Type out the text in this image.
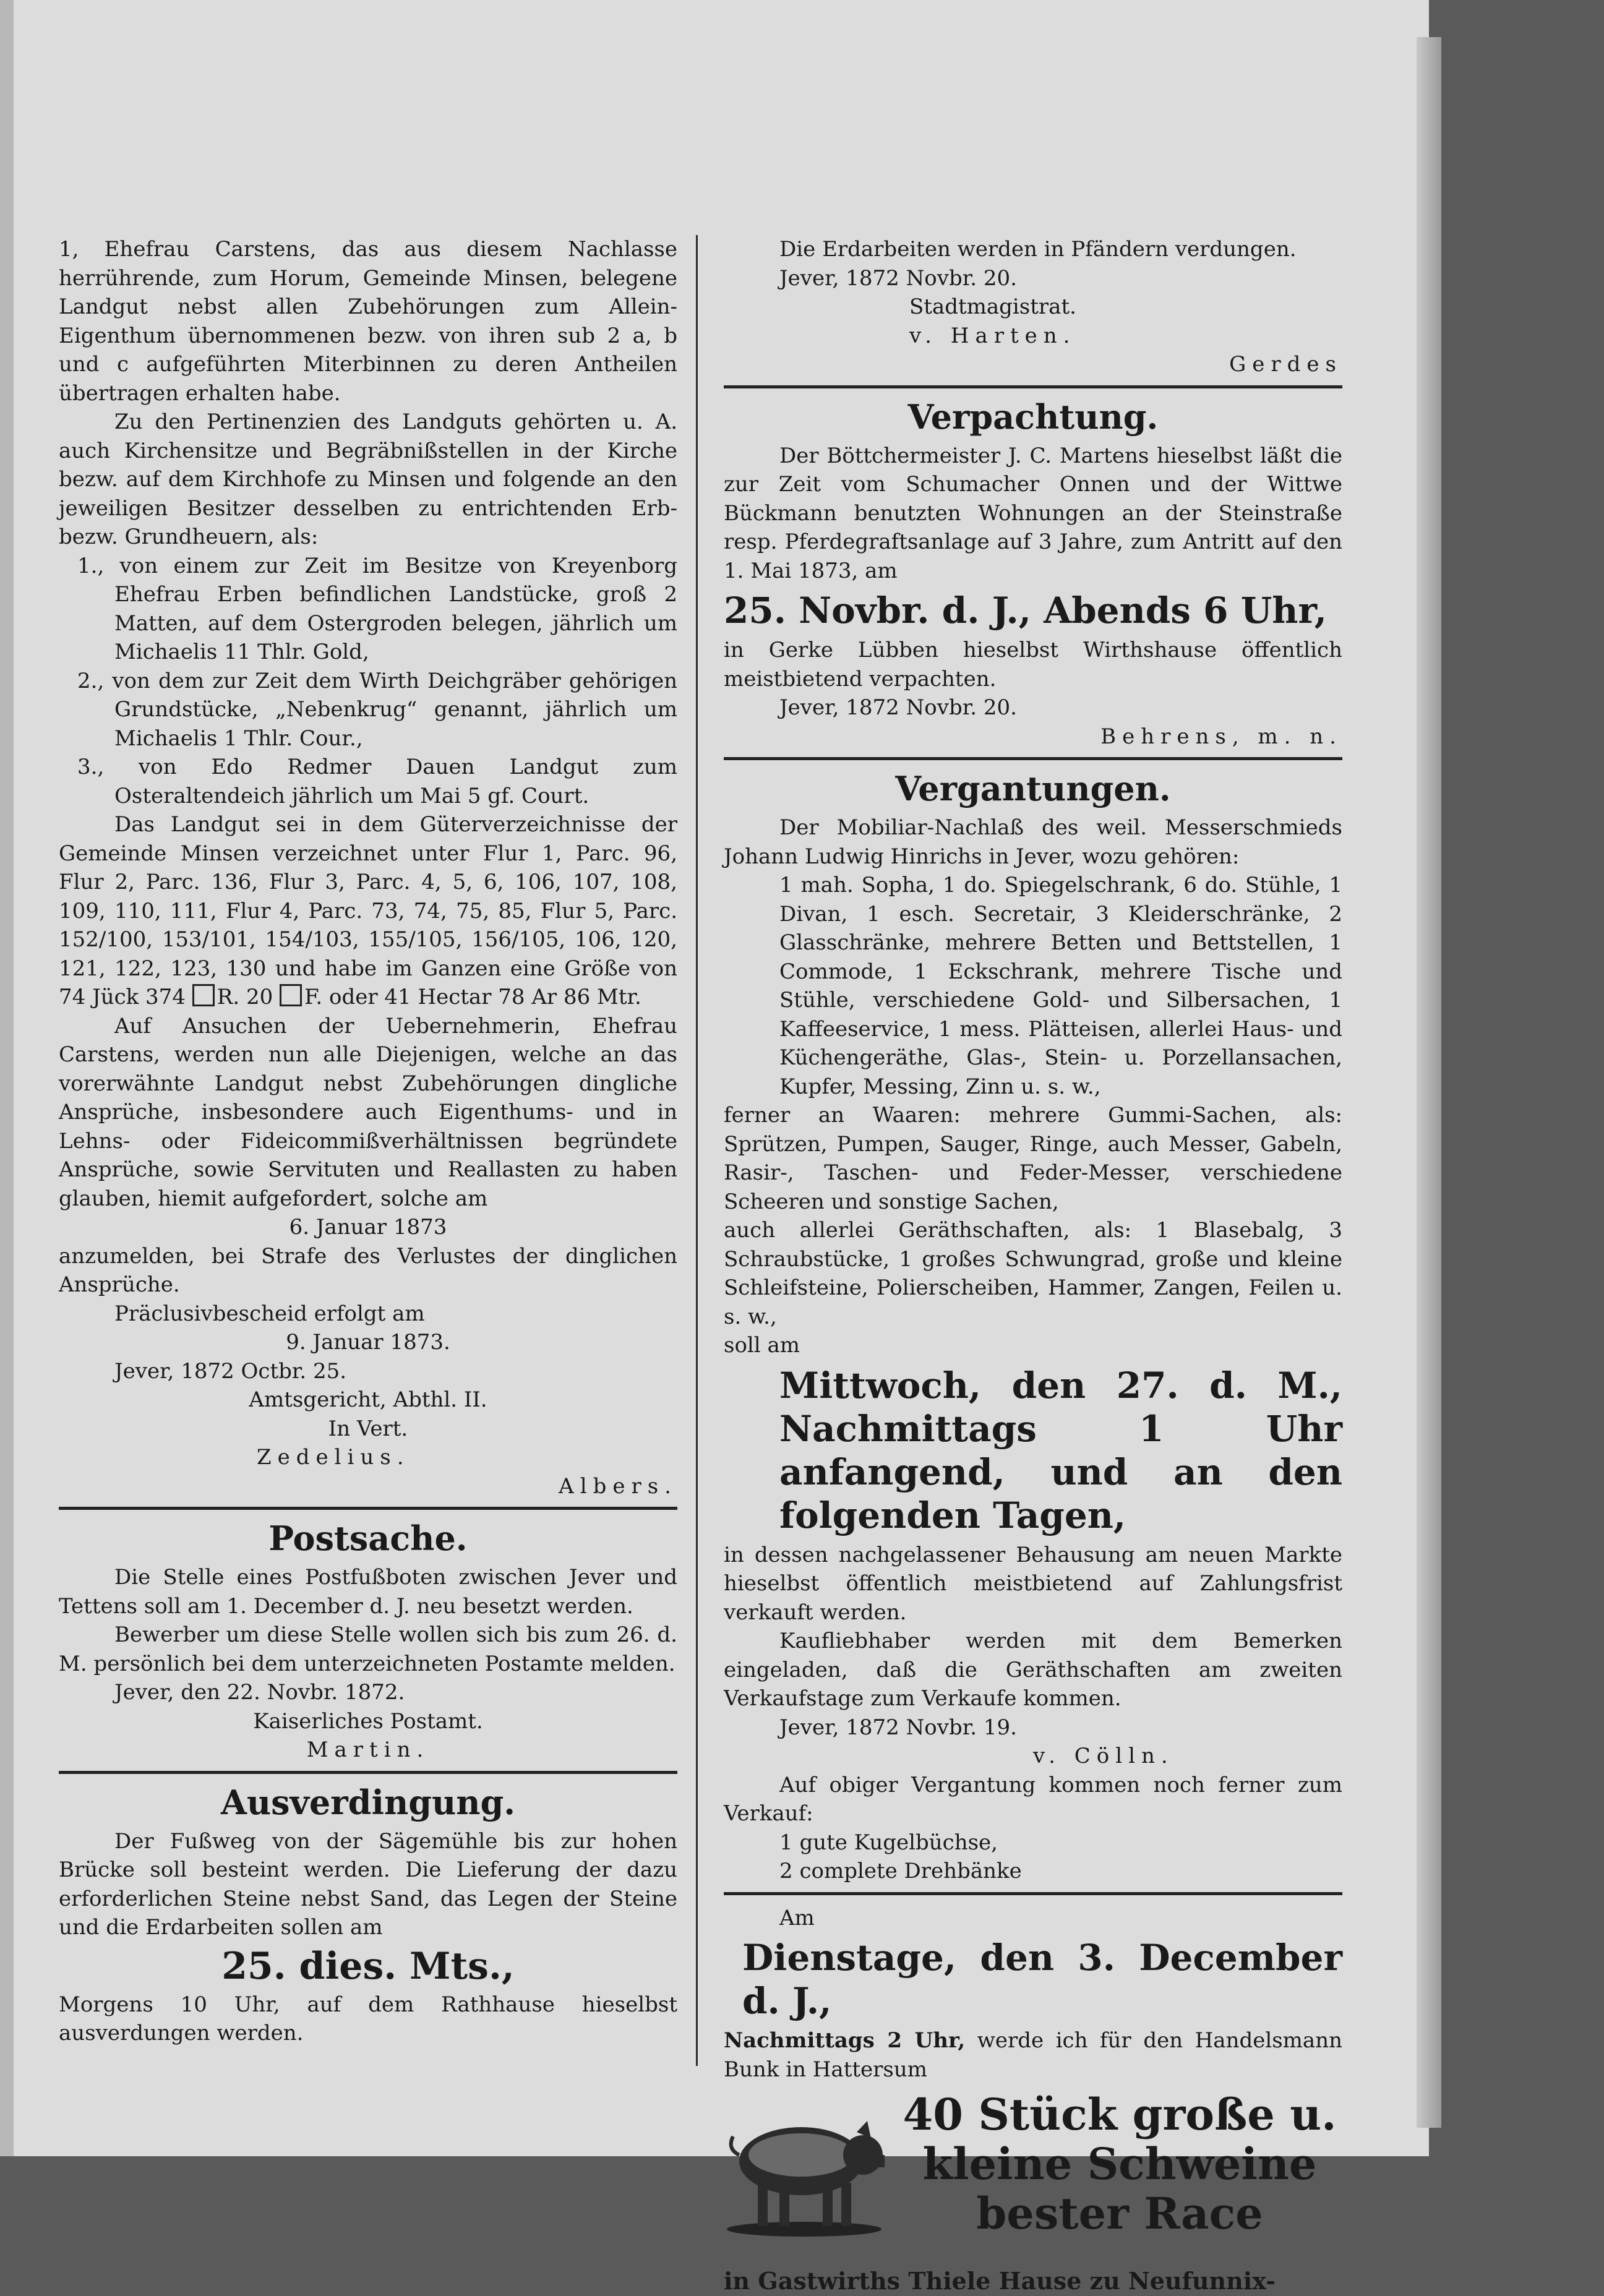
1, Ehefrau Carstens, das aus diesem Nachlasse herrührende, zum Horum, Gemeinde Minsen, belegene Landgut nebst allen Zubehörungen zum Allein-Eigenthum übernommenen bezw. von ihren sub 2 a, b und c aufgeführten Miterbinnen zu deren Antheilen übertragen erhalten habe.

Zu den Pertinenzien des Landguts gehörten u. A. auch Kirchensitze und Begräbnißstellen in der Kirche bezw. auf dem Kirchhofe zu Minsen und folgende an den jeweiligen Besitzer desselben zu entrichtenden Erb- bezw. Grundheuern, als:

1., von einem zur Zeit im Besitze von Kreyenborg Ehefrau Erben befindlichen Landstücke, groß 2 Matten, auf dem Ostergroden belegen, jährlich um Michaelis 11 Thlr. Gold,

2., von dem zur Zeit dem Wirth Deichgräber gehörigen Grundstücke, „Nebenkrug“ genannt, jährlich um Michaelis 1 Thlr. Cour.,

3., von Edo Redmer Dauen Landgut zum Osteraltendeich jährlich um Mai 5 gf. Court.

Das Landgut sei in dem Güterverzeichnisse der Gemeinde Minsen verzeichnet unter Flur 1, Parc. 96, Flur 2, Parc. 136, Flur 3, Parc. 4, 5, 6, 106, 107, 108, 109, 110, 111, Flur 4, Parc. 73, 74, 75, 85, Flur 5, Parc. 152/100, 153/101, 154/103, 155/105, 156/105, 106, 120, 121, 122, 123, 130 und habe im Ganzen eine Größe von 74 Jück 374 R. 20 F. oder 41 Hectar 78 Ar 86 Mtr.

Auf Ansuchen der Uebernehmerin, Ehefrau Carstens, werden nun alle Diejenigen, welche an das vorerwähnte Landgut nebst Zubehörungen dingliche Ansprüche, insbesondere auch Eigenthums- und in Lehns- oder Fideicommißverhältnissen begründete Ansprüche, sowie Servituten und Reallasten zu haben glauben, hiemit aufgefordert, solche am

6. Januar 1873

anzumelden, bei Strafe des Verlustes der dinglichen Ansprüche.

Präclusivbescheid erfolgt am

9. Januar 1873.

Jever, 1872 Octbr. 25.

Amtsgericht, Abthl. II.

In Vert.

Zedelius.

Albers.

Postsache.

Die Stelle eines Postfußboten zwischen Jever und Tettens soll am 1. December d. J. neu besetzt werden.

Bewerber um diese Stelle wollen sich bis zum 26. d. M. persönlich bei dem unterzeichneten Postamte melden.

Jever, den 22. Novbr. 1872.

Kaiserliches Postamt.

Martin.

Ausverdingung.

Der Fußweg von der Sägemühle bis zur hohen Brücke soll besteint werden. Die Lieferung der dazu erforderlichen Steine nebst Sand, das Legen der Steine und die Erdarbeiten sollen am

25. dies. Mts.,

Morgens 10 Uhr, auf dem Rathhause hieselbst ausverdungen werden.

Die Erdarbeiten werden in Pfändern verdungen.

Jever, 1872 Novbr. 20.

Stadtmagistrat.

v. Harten.

Gerdes

Verpachtung.

Der Böttchermeister J. C. Martens hieselbst läßt die zur Zeit vom Schumacher Onnen und der Wittwe Bückmann benutzten Wohnungen an der Steinstraße resp. Pferdegraftsanlage auf 3 Jahre, zum Antritt auf den 1. Mai 1873, am

25. Novbr. d. J., Abends 6 Uhr,

in Gerke Lübben hieselbst Wirthshause öffentlich meistbietend verpachten.

Jever, 1872 Novbr. 20.

Behrens, m. n.

Vergantungen.

Der Mobiliar-Nachlaß des weil. Messerschmieds Johann Ludwig Hinrichs in Jever, wozu gehören:

1 mah. Sopha, 1 do. Spiegelschrank, 6 do. Stühle, 1 Divan, 1 esch. Secretair, 3 Kleiderschränke, 2 Glasschränke, mehrere Betten und Bettstellen, 1 Commode, 1 Eckschrank, mehrere Tische und Stühle, verschiedene Gold- und Silbersachen, 1 Kaffeeservice, 1 mess. Plätteisen, allerlei Haus- und Küchengeräthe, Glas-, Stein- u. Porzellansachen, Kupfer, Messing, Zinn u. s. w.,

ferner an Waaren: mehrere Gummi-Sachen, als: Sprützen, Pumpen, Sauger, Ringe, auch Messer, Gabeln, Rasir-, Taschen- und Feder-Messer, verschiedene Scheeren und sonstige Sachen,

auch allerlei Geräthschaften, als: 1 Blasebalg, 3 Schraubstücke, 1 großes Schwungrad, große und kleine Schleifsteine, Polierscheiben, Hammer, Zangen, Feilen u. s. w.,

soll am

Mittwoch, den 27. d. M., Nachmittags 1 Uhr anfangend, und an den folgenden Tagen,

in dessen nachgelassener Behausung am neuen Markte hieselbst öffentlich meistbietend auf Zahlungsfrist verkauft werden.

Kaufliebhaber werden mit dem Bemerken eingeladen, daß die Geräthschaften am zweiten Verkaufstage zum Verkaufe kommen.

Jever, 1872 Novbr. 19.

v. Cölln.

Auf obiger Vergantung kommen noch ferner zum Verkauf:

1 gute Kugelbüchse,

2 complete Drehbänke

Am

Dienstage, den 3. December d. J.,

Nachmittags 2 Uhr, werde ich für den Handelsmann Bunk in Hattersum

40 Stück große u. kleine Schweine bester Race

in Gastwirths Thiele Hause zu Neufunnix-
